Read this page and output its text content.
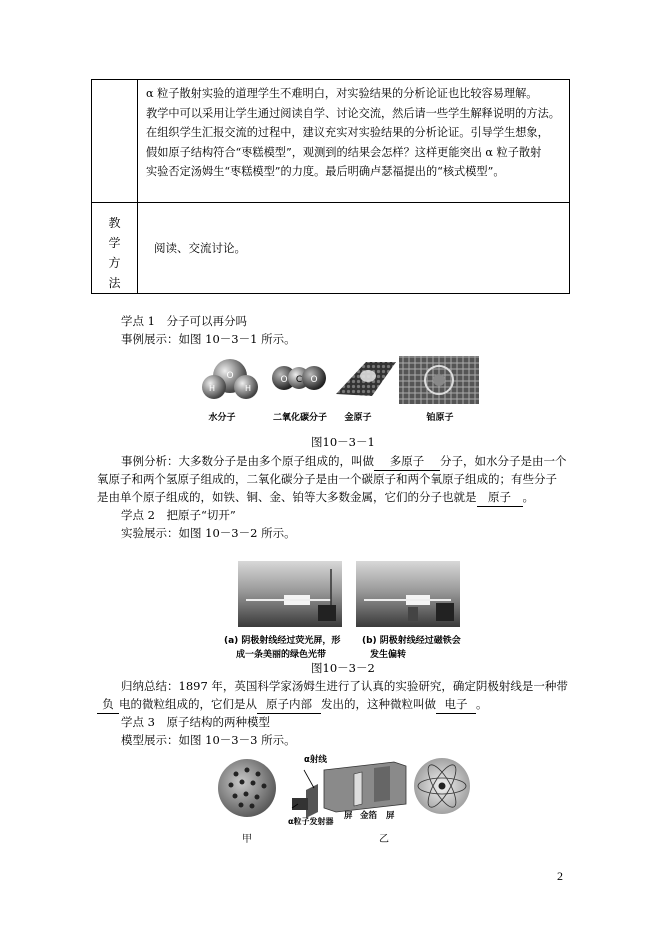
	α 粒子散射实验的道理学生不难明白，对实验结果的分析论证也比较容易理解。

教学中可以采用让学生通过阅读自学、讨论交流，然后请一些学生解释说明的方法。

在组织学生汇报交流的过程中，建议充实对实验结果的分析论证。引导学生想象，

假如原子结构符合“枣糕模型”，观测到的结果会怎样？这样更能突出 α 粒子散射

实验否定汤姆生“枣糕模型”的力度。最后明确卢瑟福提出的“核式模型”。

教
学
方
法	阅读、交流讨论。
学点 1　分子可以再分吗
事例展示：如图 10－3－1 所示。
O
H	H
O C O
水分子	二氧化碳分子 金原子	铂原子
图10－3－1
事例分析：大多数分子是由多个原子组成的，叫做 多原子 分子，如水分子是由一个
氧原子和两个氢原子组成的，二氧化碳分子是由一个碳原子和两个氧原子组成的；有些分子
是由单个原子组成的，如铁、铜、金、铂等大多数金属，它们的分子也就是 原子 。
学点 2　把原子“切开”
实验展示：如图 10－3－2 所示。
(a) 阴极射线经过荧光屏，形
成一条美丽的绿色光带
(b) 阴极射线经过磁铁会
发生偏转
图10－3－2
归纳总结：1897 年，英国科学家汤姆生进行了认真的实验研究，确定阴极射线是一种带
负 电的微粒组成的，它们是从 原子内部 发出的，这种微粒叫做 电子 。
学点 3　原子结构的两种模型
模型展示：如图 10－3－3 所示。
α射线
α粒子发射器
屏 金箔 屏
甲	乙
2
